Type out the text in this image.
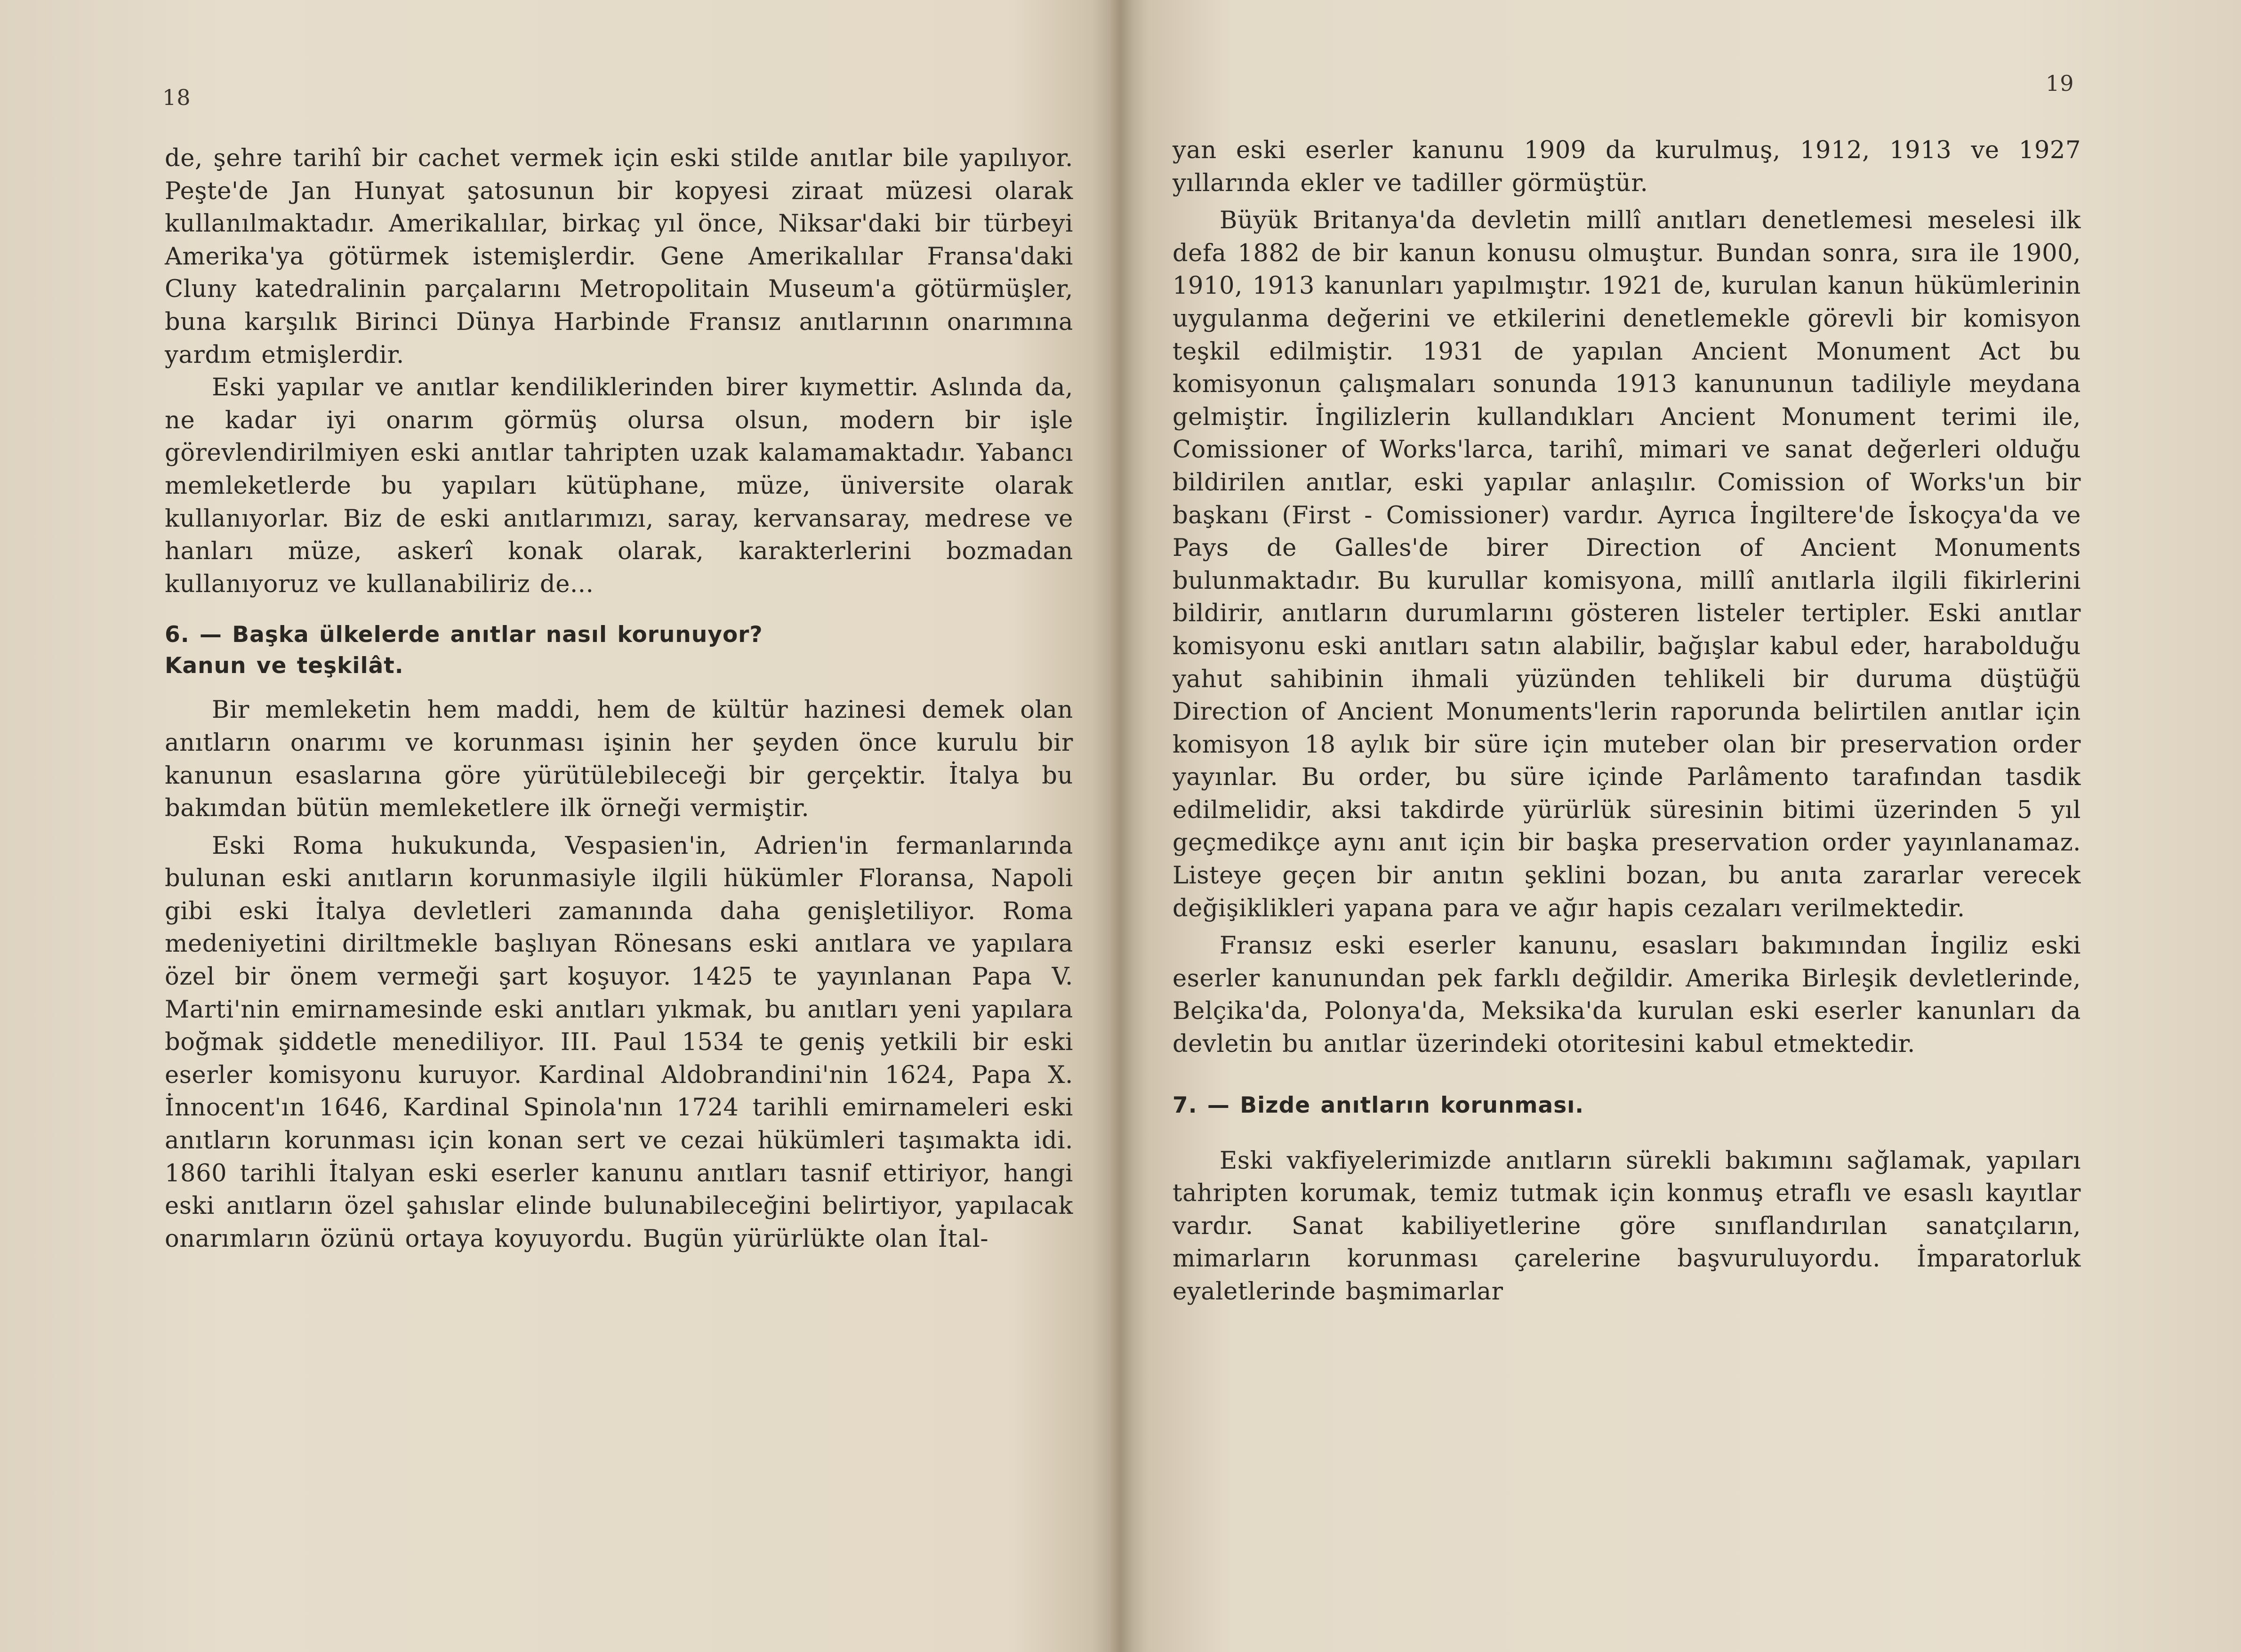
18

de, şehre tarihî bir cachet vermek için eski stilde anıtlar bile yapılıyor. Peşte'de Jan Hunyat şatosunun bir kopyesi ziraat müzesi olarak kullanılmaktadır. Amerikalılar, birkaç yıl önce, Niksar'daki bir türbeyi Amerika'ya götürmek istemişlerdir. Gene Amerikalılar Fransa'daki Cluny katedralinin parçalarını Metropolitain Museum'a götürmüşler, buna karşılık Birinci Dünya Harbinde Fransız anıtlarının onarımına yardım etmişlerdir.

Eski yapılar ve anıtlar kendiliklerinden birer kıymettir. Aslında da, ne kadar iyi onarım görmüş olursa olsun, modern bir işle görevlendirilmiyen eski anıtlar tahripten uzak kalamamaktadır. Yabancı memleketlerde bu yapıları kütüphane, müze, üniversite olarak kullanıyorlar. Biz de eski anıtlarımızı, saray, kervansaray, medrese ve hanları müze, askerî konak olarak, karakterlerini bozmadan kullanıyoruz ve kullanabiliriz de...

6. — Başka ülkelerde anıtlar nasıl korunuyor?
Kanun ve teşkilât.

Bir memleketin hem maddi, hem de kültür hazinesi demek olan anıtların onarımı ve korunması işinin her şeyden önce kurulu bir kanunun esaslarına göre yürütülebileceği bir gerçektir. İtalya bu bakımdan bütün memleketlere ilk örneği vermiştir.

Eski Roma hukukunda, Vespasien'in, Adrien'in fermanlarında bulunan eski anıtların korunmasiyle ilgili hükümler Floransa, Napoli gibi eski İtalya devletleri zamanında daha genişletiliyor. Roma medeniyetini diriltmekle başlıyan Rönesans eski anıtlara ve yapılara özel bir önem vermeği şart koşuyor. 1425 te yayınlanan Papa V. Marti'nin emirnamesinde eski anıtları yıkmak, bu anıtları yeni yapılara boğmak şiddetle menediliyor. III. Paul 1534 te geniş yetkili bir eski eserler komisyonu kuruyor. Kardinal Aldobrandini'nin 1624, Papa X. İnnocent'ın 1646, Kardinal Spinola'nın 1724 tarihli emirnameleri eski anıtların korunması için konan sert ve cezai hükümleri taşımakta idi. 1860 tarihli İtalyan eski eserler kanunu anıtları tasnif ettiriyor, hangi eski anıtların özel şahıslar elinde bulunabileceğini belirtiyor, yapılacak onarımların özünü ortaya koyuyordu. Bugün yürürlükte olan İtal-

19

yan eski eserler kanunu 1909 da kurulmuş, 1912, 1913 ve 1927 yıllarında ekler ve tadiller görmüştür.

Büyük Britanya'da devletin millî anıtları denetlemesi meselesi ilk defa 1882 de bir kanun konusu olmuştur. Bundan sonra, sıra ile 1900, 1910, 1913 kanunları yapılmıştır. 1921 de, kurulan kanun hükümlerinin uygulanma değerini ve etkilerini denetlemekle görevli bir komisyon teşkil edilmiştir. 1931 de yapılan Ancient Monument Act bu komisyonun çalışmaları sonunda 1913 kanununun tadiliyle meydana gelmiştir. İngilizlerin kullandıkları Ancient Monument terimi ile, Comissioner of Works'larca, tarihî, mimari ve sanat değerleri olduğu bildirilen anıtlar, eski yapılar anlaşılır. Comission of Works'un bir başkanı (First - Comissioner) vardır. Ayrıca İngiltere'de İskoçya'da ve Pays de Galles'de birer Direction of Ancient Monuments bulunmaktadır. Bu kurullar komisyona, millî anıtlarla ilgili fikirlerini bildirir, anıtların durumlarını gösteren listeler tertipler. Eski anıtlar komisyonu eski anıtları satın alabilir, bağışlar kabul eder, harabolduğu yahut sahibinin ihmali yüzünden tehlikeli bir duruma düştüğü Direction of Ancient Monuments'lerin raporunda belirtilen anıtlar için komisyon 18 aylık bir süre için muteber olan bir preservation order yayınlar. Bu order, bu süre içinde Parlâmento tarafından tasdik edilmelidir, aksi takdirde yürürlük süresinin bitimi üzerinden 5 yıl geçmedikçe aynı anıt için bir başka preservation order yayınlanamaz. Listeye geçen bir anıtın şeklini bozan, bu anıta zararlar verecek değişiklikleri yapana para ve ağır hapis cezaları verilmektedir.

Fransız eski eserler kanunu, esasları bakımından İngiliz eski eserler kanunundan pek farklı değildir. Amerika Birleşik devletlerinde, Belçika'da, Polonya'da, Meksika'da kurulan eski eserler kanunları da devletin bu anıtlar üzerindeki otoritesini kabul etmektedir.

7. — Bizde anıtların korunması.

Eski vakfiyelerimizde anıtların sürekli bakımını sağlamak, yapıları tahripten korumak, temiz tutmak için konmuş etraflı ve esaslı kayıtlar vardır. Sanat kabiliyetlerine göre sınıflandırılan sanatçıların, mimarların korunması çarelerine başvuruluyordu. İmparatorluk eyaletlerinde başmimarlar
